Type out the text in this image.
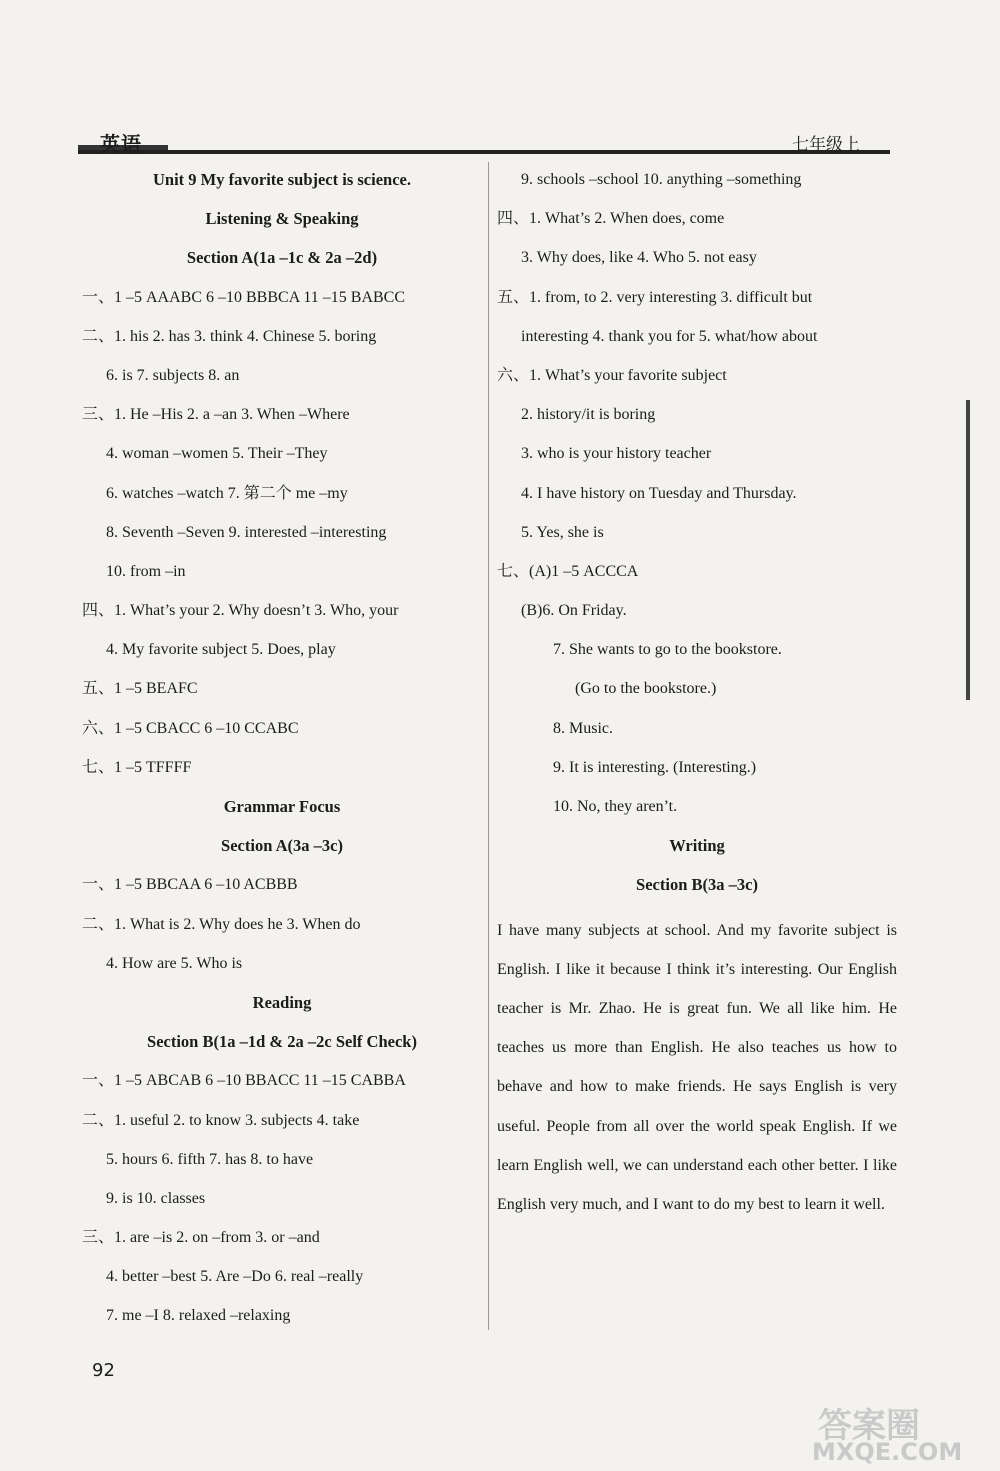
英语	七年级上
Unit 9 My favorite subject is science.
Listening & Speaking
Section A(1a –1c & 2a –2d)
一、1 –5 AAABC 6 –10 BBBCA 11 –15 BABCC
二、1. his 2. has 3. think 4. Chinese 5. boring
6. is 7. subjects 8. an
三、1. He –His 2. a –an 3. When –Where
4. woman –women 5. Their –They
6. watches –watch 7. 第二个 me –my
8. Seventh –Seven 9. interested –interesting
10. from –in
四、1. What’s your 2. Why doesn’t 3. Who, your
4. My favorite subject 5. Does, play
五、1 –5 BEAFC
六、1 –5 CBACC 6 –10 CCABC
七、1 –5 TFFFF
Grammar Focus
Section A(3a –3c)
一、1 –5 BBCAA 6 –10 ACBBB
二、1. What is 2. Why does he 3. When do
4. How are 5. Who is
Reading
Section B(1a –1d & 2a –2c Self Check)
一、1 –5 ABCAB 6 –10 BBACC 11 –15 CABBA
二、1. useful 2. to know 3. subjects 4. take
5. hours 6. fifth 7. has 8. to have
9. is 10. classes
三、1. are –is 2. on –from 3. or –and
4. better –best 5. Are –Do 6. real –really
7. me –I 8. relaxed –relaxing
9. schools –school 10. anything –something
四、1. What’s 2. When does, come
3. Why does, like 4. Who 5. not easy
五、1. from, to 2. very interesting 3. difficult but
interesting 4. thank you for 5. what/how about
六、1. What’s your favorite subject
2. history/it is boring
3. who is your history teacher
4. I have history on Tuesday and Thursday.
5. Yes, she is
七、(A)1 –5 ACCCA
(B)6. On Friday.
7. She wants to go to the bookstore.
(Go to the bookstore.)
8. Music.
9. It is interesting. (Interesting.)
10. No, they aren’t.
Writing
Section B(3a –3c)

I have many subjects at school. And my favorite subject is English. I like it because I think it’s interesting. Our English teacher is Mr. Zhao. He is great fun. We all like him. He teaches us more than English. He also teaches us how to behave and how to make friends. He says English is very useful. People from all over the world speak English. If we learn English well, we can understand each other better. I like English very much, and I want to do my best to learn it well.

92
答案圈
MXQE.COM
